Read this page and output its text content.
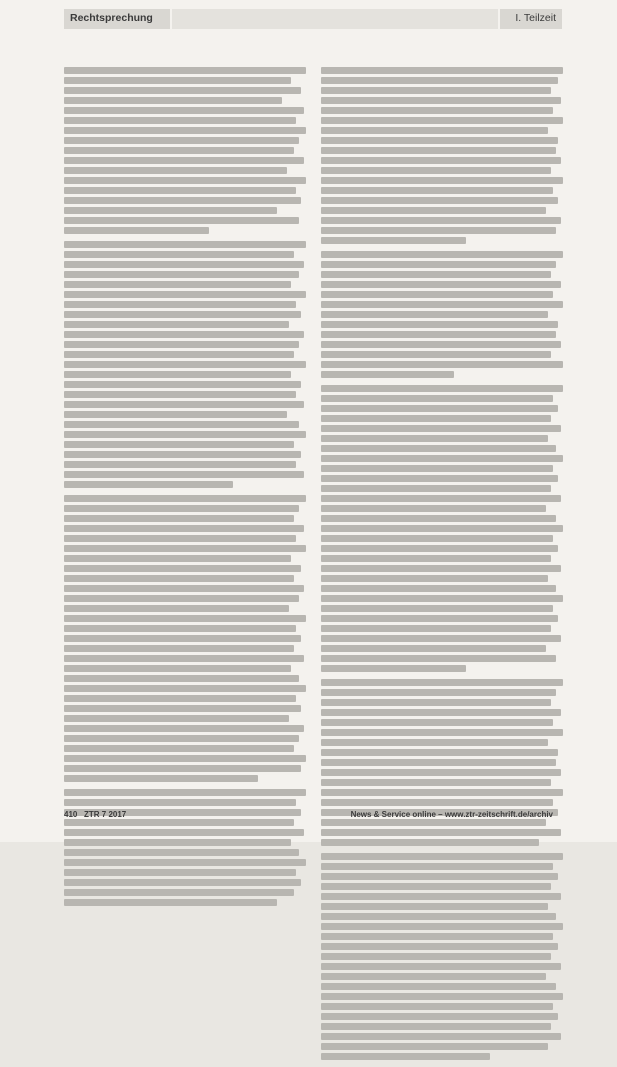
Rechtsprechung	I. Teilzeit
410 ZTR 7 2017	News & Service online – www.ztr-zeitschrift.de/archiv
